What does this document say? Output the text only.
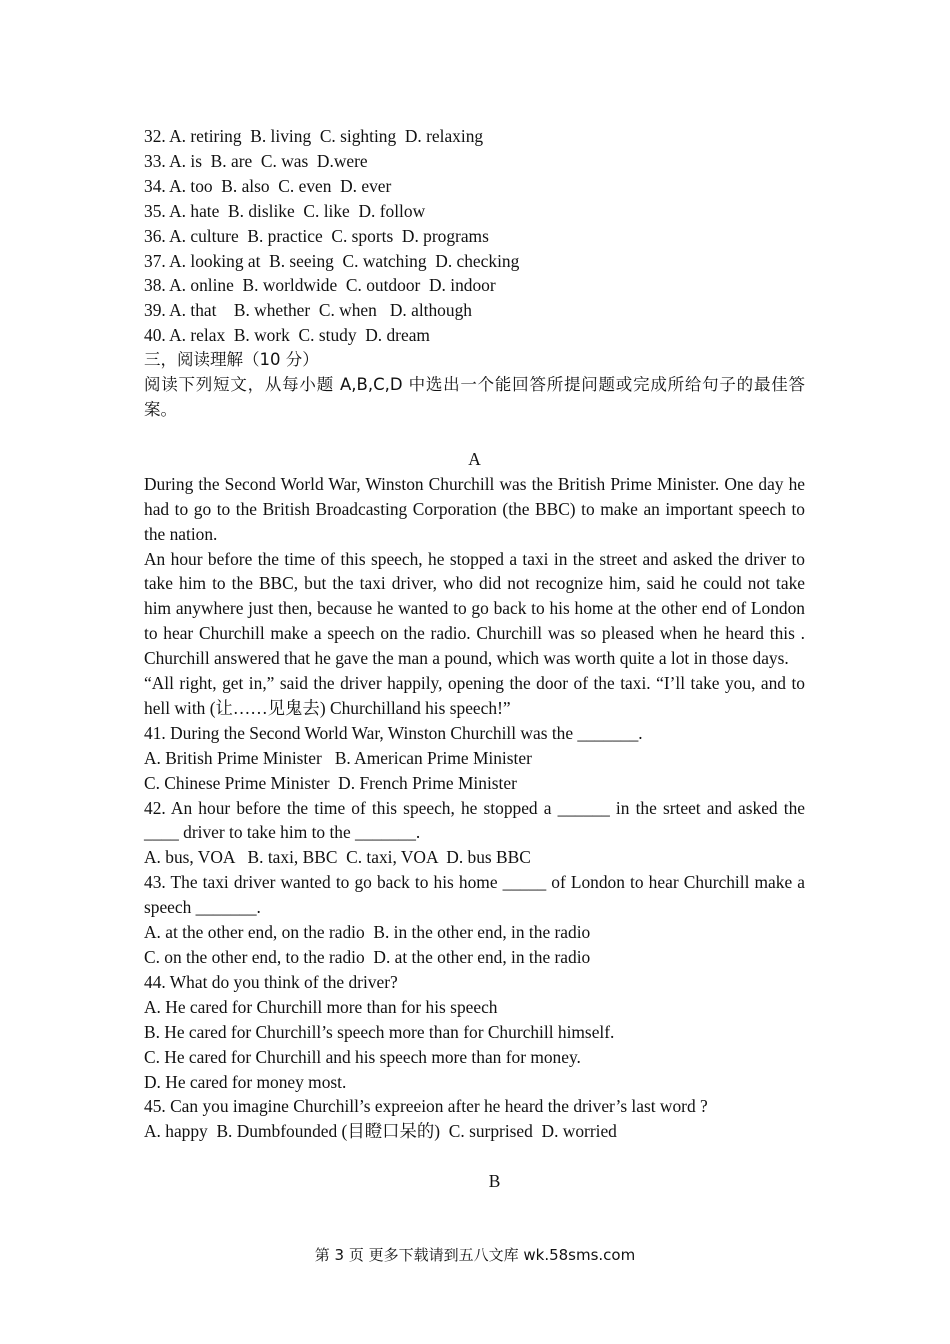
32. A. retiring  B. living  C. sighting  D. relaxing
33. A. is  B. are  C. was  D.were
34. A. too  B. also  C. even  D. ever
35. A. hate  B. dislike  C. like  D. follow
36. A. culture  B. practice  C. sports  D. programs
37. A. looking at  B. seeing  C. watching  D. checking
38. A. online  B. worldwide  C. outdoor  D. indoor
39. A. that    B. whether  C. when   D. although
40. A. relax  B. work  C. study  D. dream
三，阅读理解（10 分）
阅读下列短文，从每小题 A,B,C,D 中选出一个能回答所提问题或完成所给句子的最佳答案。
A
During the Second World War, Winston Churchill was the British Prime Minister. One day he had to go to the British Broadcasting Corporation (the BBC) to make an important speech to the nation.
An hour before the time of this speech, he stopped a taxi in the street and asked the driver to take him to the BBC, but the taxi driver, who did not recognize him, said he could not take him anywhere just then, because he wanted to go back to his home at the other end of London to hear Churchill make a speech on the radio. Churchill was so pleased when he heard this . Churchill answered that he gave the man a pound, which was worth quite a lot in those days.
“All right, get in,” said the driver happily, opening the door of the taxi. “I’ll take you, and to hell with (让……见鬼去) Churchilland his speech!”
41. During the Second World War, Winston Churchill was the _______.
A. British Prime Minister   B. American Prime Minister
C. Chinese Prime Minister  D. French Prime Minister
42. An hour before the time of this speech, he stopped a ______ in the srteet and asked the ____ driver to take him to the _______.
A. bus, VOA   B. taxi, BBC  C. taxi, VOA  D. bus BBC
43. The taxi driver wanted to go back to his home _____ of London to hear Churchill make a speech _______.
A. at the other end, on the radio  B. in the other end, in the radio
C. on the other end, to the radio  D. at the other end, in the radio
44. What do you think of the driver?
A. He cared for Churchill more than for his speech
B. He cared for Churchill’s speech more than for Churchill himself.
C. He cared for Churchill and his speech more than for money.
D. He cared for money most.
45. Can you imagine Churchill’s expreeion after he heard the driver’s last word ?
A. happy  B. Dumbfounded (目瞪口呆的)  C. surprised  D. worried
B
第 3 页 更多下载请到五八文库 wk.58sms.com
